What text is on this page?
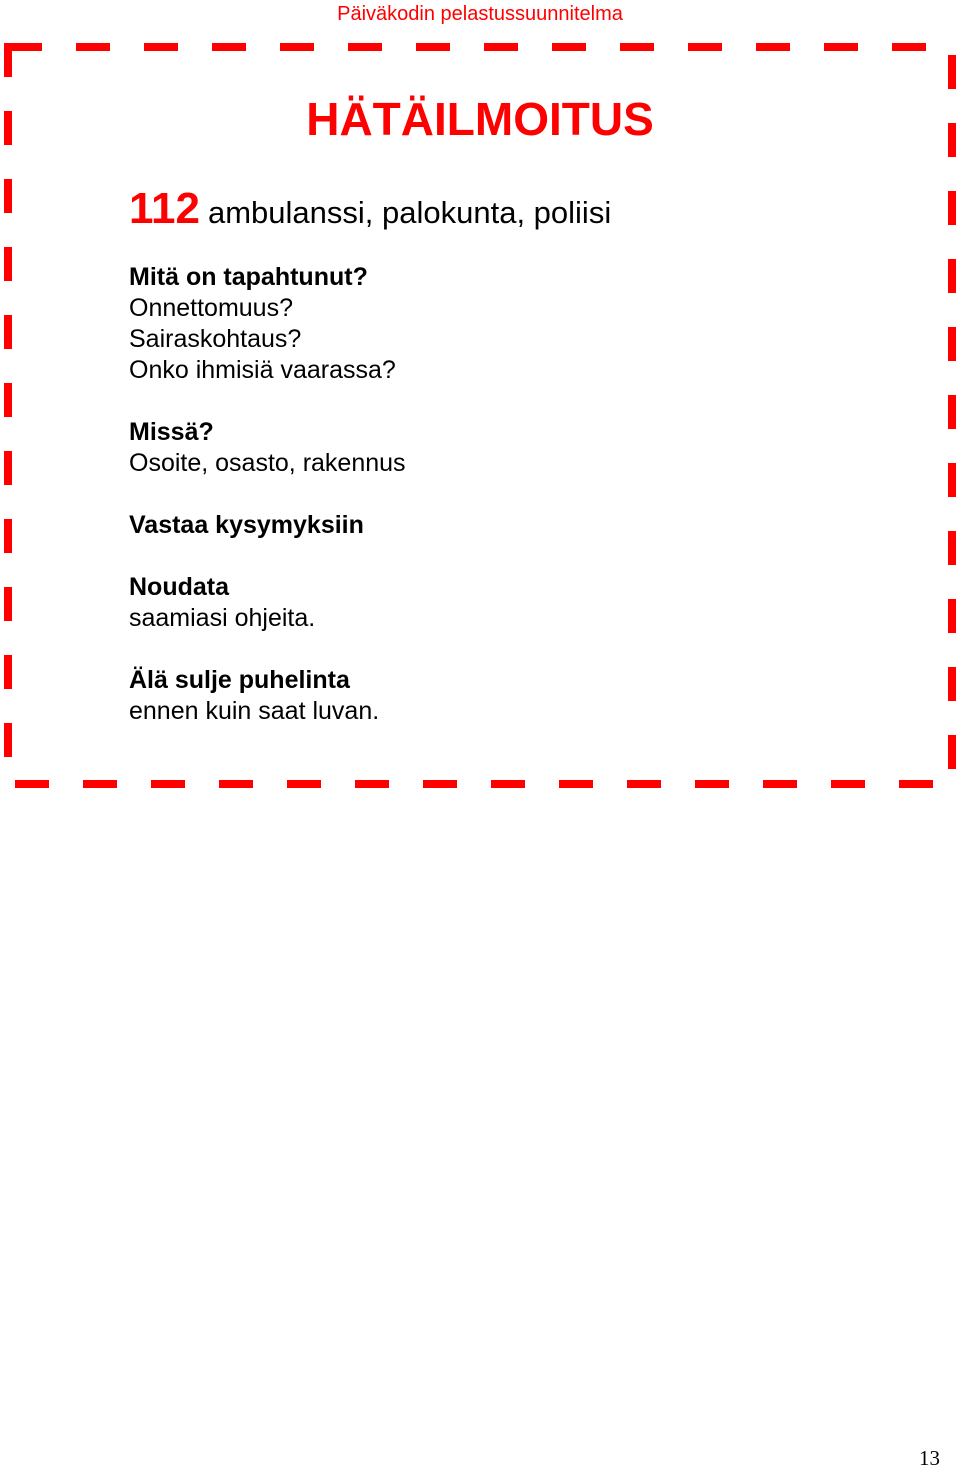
Päiväkodin pelastussuunnitelma
HÄTÄILMOITUS
112 ambulanssi, palokunta, poliisi
Mitä on tapahtunut?
Onnettomuus?
Sairaskohtaus?
Onko ihmisiä vaarassa?
Missä?
Osoite, osasto, rakennus
Vastaa kysymyksiin
Noudata
saamiasi ohjeita.
Älä sulje puhelinta
ennen kuin saat luvan.
13
